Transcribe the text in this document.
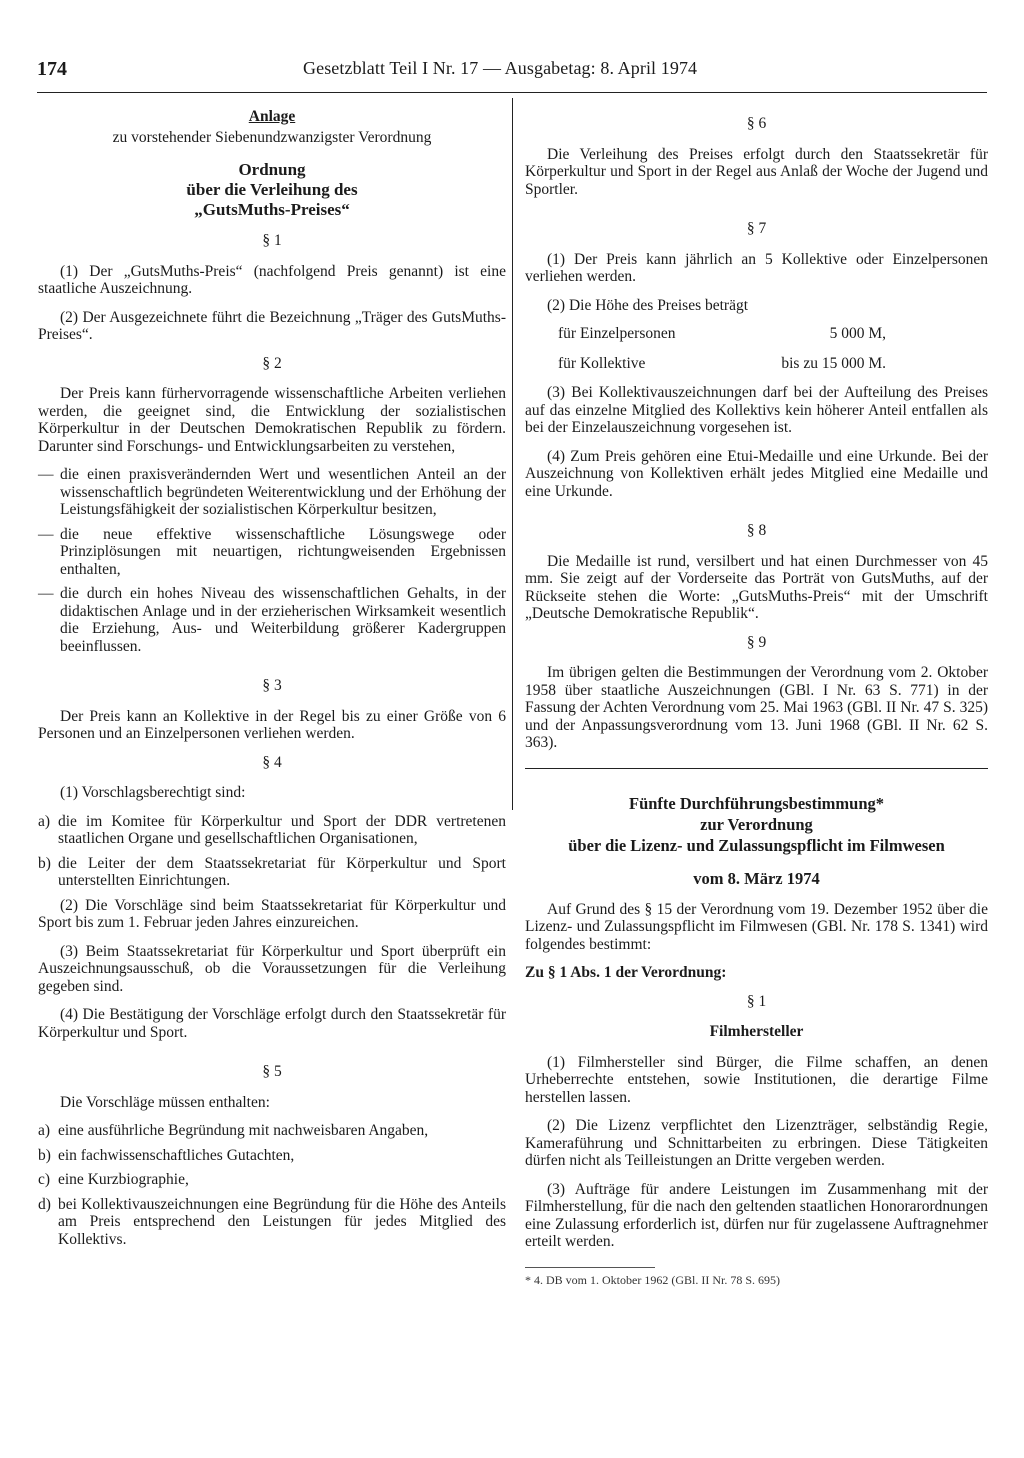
174	Gesetzblatt Teil I Nr. 17 — Ausgabetag: 8. April 1974
Anlage
zu vorstehender Siebenundzwanzigster Verordnung
Ordnung
über die Verleihung des
„GutsMuths-Preises“
§ 1

(1) Der „GutsMuths-Preis“ (nachfolgend Preis genannt) ist eine staatliche Auszeichnung.

(2) Der Ausgezeichnete führt die Bezeichnung „Träger des GutsMuths-Preises“.

§ 2

Der Preis kann fürhervorragende wissenschaftliche Arbeiten verliehen werden, die geeignet sind, die Entwicklung der sozialistischen Körperkultur in der Deutschen Demokratischen Republik zu fördern. Darunter sind Forschungs- und Entwicklungsarbeiten zu verstehen,

— die einen praxisverändernden Wert und wesentlichen Anteil an der wissenschaftlich begründeten Weiterentwicklung und der Erhöhung der Leistungsfähigkeit der sozialistischen Körperkultur besitzen,
— die neue effektive wissenschaftliche Lösungswege oder Prinziplösungen mit neuartigen, richtungweisenden Ergebnissen enthalten,
— die durch ein hohes Niveau des wissenschaftlichen Gehalts, in der didaktischen Anlage und in der erzieherischen Wirksamkeit wesentlich die Erziehung, Aus- und Weiterbildung größerer Kadergruppen beeinflussen.
§ 3

Der Preis kann an Kollektive in der Regel bis zu einer Größe von 6 Personen und an Einzelpersonen verliehen werden.

§ 4

(1) Vorschlagsberechtigt sind:

a) die im Komitee für Körperkultur und Sport der DDR vertretenen staatlichen Organe und gesellschaftlichen Organisationen,
b) die Leiter der dem Staatssekretariat für Körperkultur und Sport unterstellten Einrichtungen.

(2) Die Vorschläge sind beim Staatssekretariat für Körperkultur und Sport bis zum 1. Februar jeden Jahres einzureichen.

(3) Beim Staatssekretariat für Körperkultur und Sport überprüft ein Auszeichnungsausschuß, ob die Voraussetzungen für die Verleihung gegeben sind.

(4) Die Bestätigung der Vorschläge erfolgt durch den Staatssekretär für Körperkultur und Sport.

§ 5

Die Vorschläge müssen enthalten:

a) eine ausführliche Begründung mit nachweisbaren Angaben,
b) ein fachwissenschaftliches Gutachten,
c) eine Kurzbiographie,
d) bei Kollektivauszeichnungen eine Begründung für die Höhe des Anteils am Preis entsprechend den Leistungen für jedes Mitglied des Kollektivs.
§ 6

Die Verleihung des Preises erfolgt durch den Staatssekretär für Körperkultur und Sport in der Regel aus Anlaß der Woche der Jugend und Sportler.

§ 7

(1) Der Preis kann jährlich an 5 Kollektive oder Einzelpersonen verliehen werden.

(2) Die Höhe des Preises beträgt

für Einzelpersonen	5 000 M,
für Kollektive	bis zu 15 000 M.

(3) Bei Kollektivauszeichnungen darf bei der Aufteilung des Preises auf das einzelne Mitglied des Kollektivs kein höherer Anteil entfallen als bei der Einzelauszeichnung vorgesehen ist.

(4) Zum Preis gehören eine Etui-Medaille und eine Urkunde. Bei der Auszeichnung von Kollektiven erhält jedes Mitglied eine Medaille und eine Urkunde.

§ 8

Die Medaille ist rund, versilbert und hat einen Durchmesser von 45 mm. Sie zeigt auf der Vorderseite das Porträt von GutsMuths, auf der Rückseite stehen die Worte: „GutsMuths-Preis“ mit der Umschrift „Deutsche Demokratische Republik“.

§ 9

Im übrigen gelten die Bestimmungen der Verordnung vom 2. Oktober 1958 über staatliche Auszeichnungen (GBl. I Nr. 63 S. 771) in der Fassung der Achten Verordnung vom 25. Mai 1963 (GBl. II Nr. 47 S. 325) und der Anpassungsverordnung vom 13. Juni 1968 (GBl. II Nr. 62 S. 363).

Fünfte Durchführungsbestimmung*
zur Verordnung
über die Lizenz- und Zulassungspflicht im Filmwesen
vom 8. März 1974

Auf Grund des § 15 der Verordnung vom 19. Dezember 1952 über die Lizenz- und Zulassungspflicht im Filmwesen (GBl. Nr. 178 S. 1341) wird folgendes bestimmt:

Zu § 1 Abs. 1 der Verordnung:

§ 1
Filmhersteller

(1) Filmhersteller sind Bürger, die Filme schaffen, an denen Urheberrechte entstehen, sowie Institutionen, die derartige Filme herstellen lassen.

(2) Die Lizenz verpflichtet den Lizenzträger, selbständig Regie, Kameraführung und Schnittarbeiten zu erbringen. Diese Tätigkeiten dürfen nicht als Teilleistungen an Dritte vergeben werden.

(3) Aufträge für andere Leistungen im Zusammenhang mit der Filmherstellung, für die nach den geltenden staatlichen Honorarordnungen eine Zulassung erforderlich ist, dürfen nur für zugelassene Auftragnehmer erteilt werden.

* 4. DB vom 1. Oktober 1962 (GBl. II Nr. 78 S. 695)
